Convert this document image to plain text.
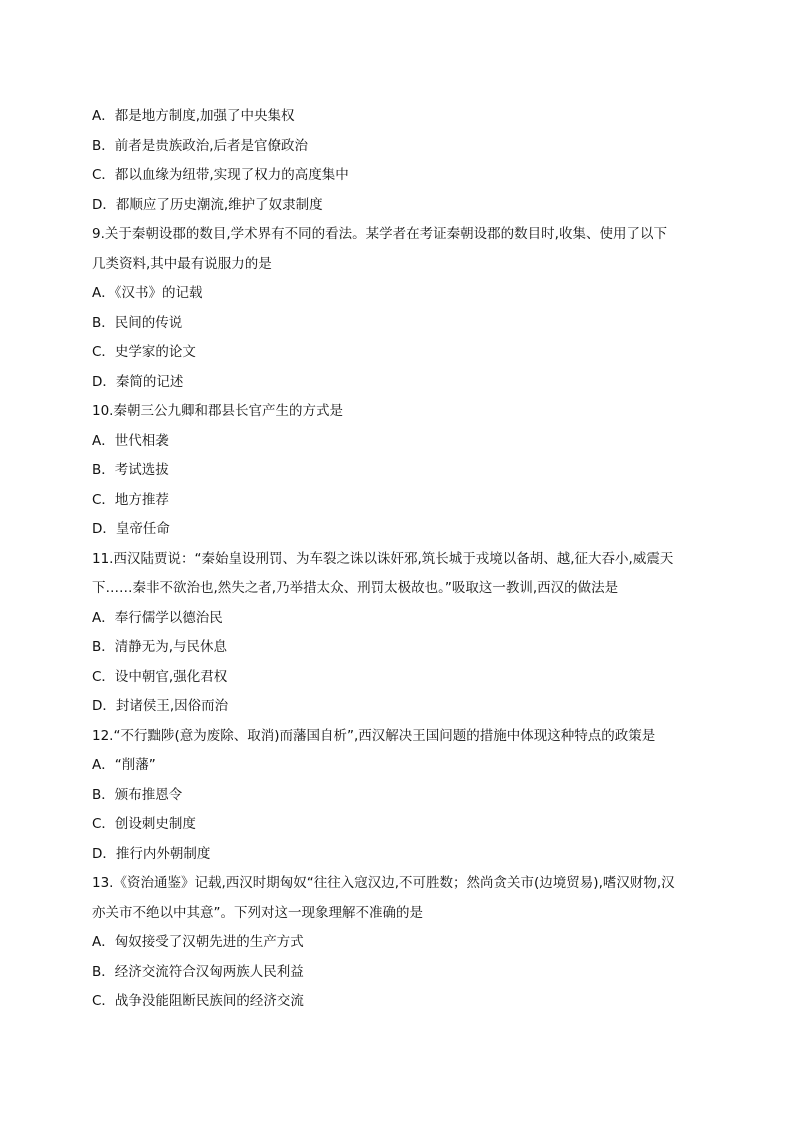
A．都是地方制度,加强了中央集权
B．前者是贵族政治,后者是官僚政治
C．都以血缘为纽带,实现了权力的高度集中
D．都顺应了历史潮流,维护了奴隶制度
9.关于秦朝设郡的数目,学术界有不同的看法。某学者在考证秦朝设郡的数目时,收集、使用了以下
几类资料,其中最有说服力的是
A．《汉书》的记载
B．民间的传说
C．史学家的论文
D．秦简的记述
10.秦朝三公九卿和郡县长官产生的方式是
A．世代相袭
B．考试选拔
C．地方推荐
D．皇帝任命
11.西汉陆贾说：“秦始皇设刑罚、为车裂之诛以诛奸邪,筑长城于戎境以备胡、越,征大吞小,威震天
下……秦非不欲治也,然失之者,乃举措太众、刑罚太极故也。”吸取这一教训,西汉的做法是
A．奉行儒学以德治民
B．清静无为,与民休息
C．设中朝官,强化君权
D．封诸侯王,因俗而治
12.“不行黜陟(意为废除、取消)而藩国自析”,西汉解决王国问题的措施中体现这种特点的政策是
A．“削藩”
B．颁布推恩令
C．创设刺史制度
D．推行内外朝制度
13.《资治通鉴》记载,西汉时期匈奴“往往入寇汉边,不可胜数；然尚贪关市(边境贸易),嗜汉财物,汉
亦关市不绝以中其意”。下列对这一现象理解不准确的是
A．匈奴接受了汉朝先进的生产方式
B．经济交流符合汉匈两族人民利益
C．战争没能阻断民族间的经济交流
